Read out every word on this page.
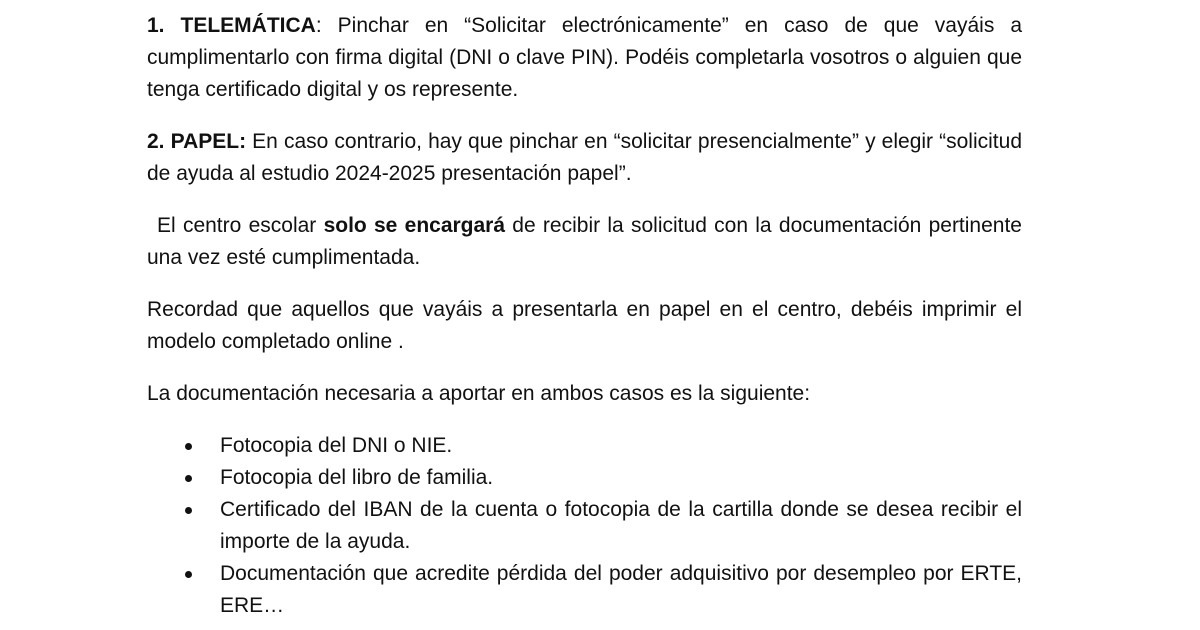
1. TELEMÁTICA: Pinchar en “Solicitar electrónicamente” en caso de que vayáis a cumplimentarlo con firma digital (DNI o clave PIN). Podéis completarla vosotros o alguien que tenga certificado digital y os represente.

2. PAPEL: En caso contrario, hay que pinchar en “solicitar presencialmente” y elegir “solicitud de ayuda al estudio 2024-2025 presentación papel”.

El centro escolar solo se encargará de recibir la solicitud con la documentación pertinente una vez esté cumplimentada.

Recordad que aquellos que vayáis a presentarla en papel en el centro, debéis imprimir el modelo completado online .

La documentación necesaria a aportar en ambos casos es la siguiente:

Fotocopia del DNI o NIE.
Fotocopia del libro de familia.
Certificado del IBAN de la cuenta o fotocopia de la cartilla donde se desea recibir el importe de la ayuda.
Documentación que acredite pérdida del poder adquisitivo por desempleo por ERTE, ERE…
